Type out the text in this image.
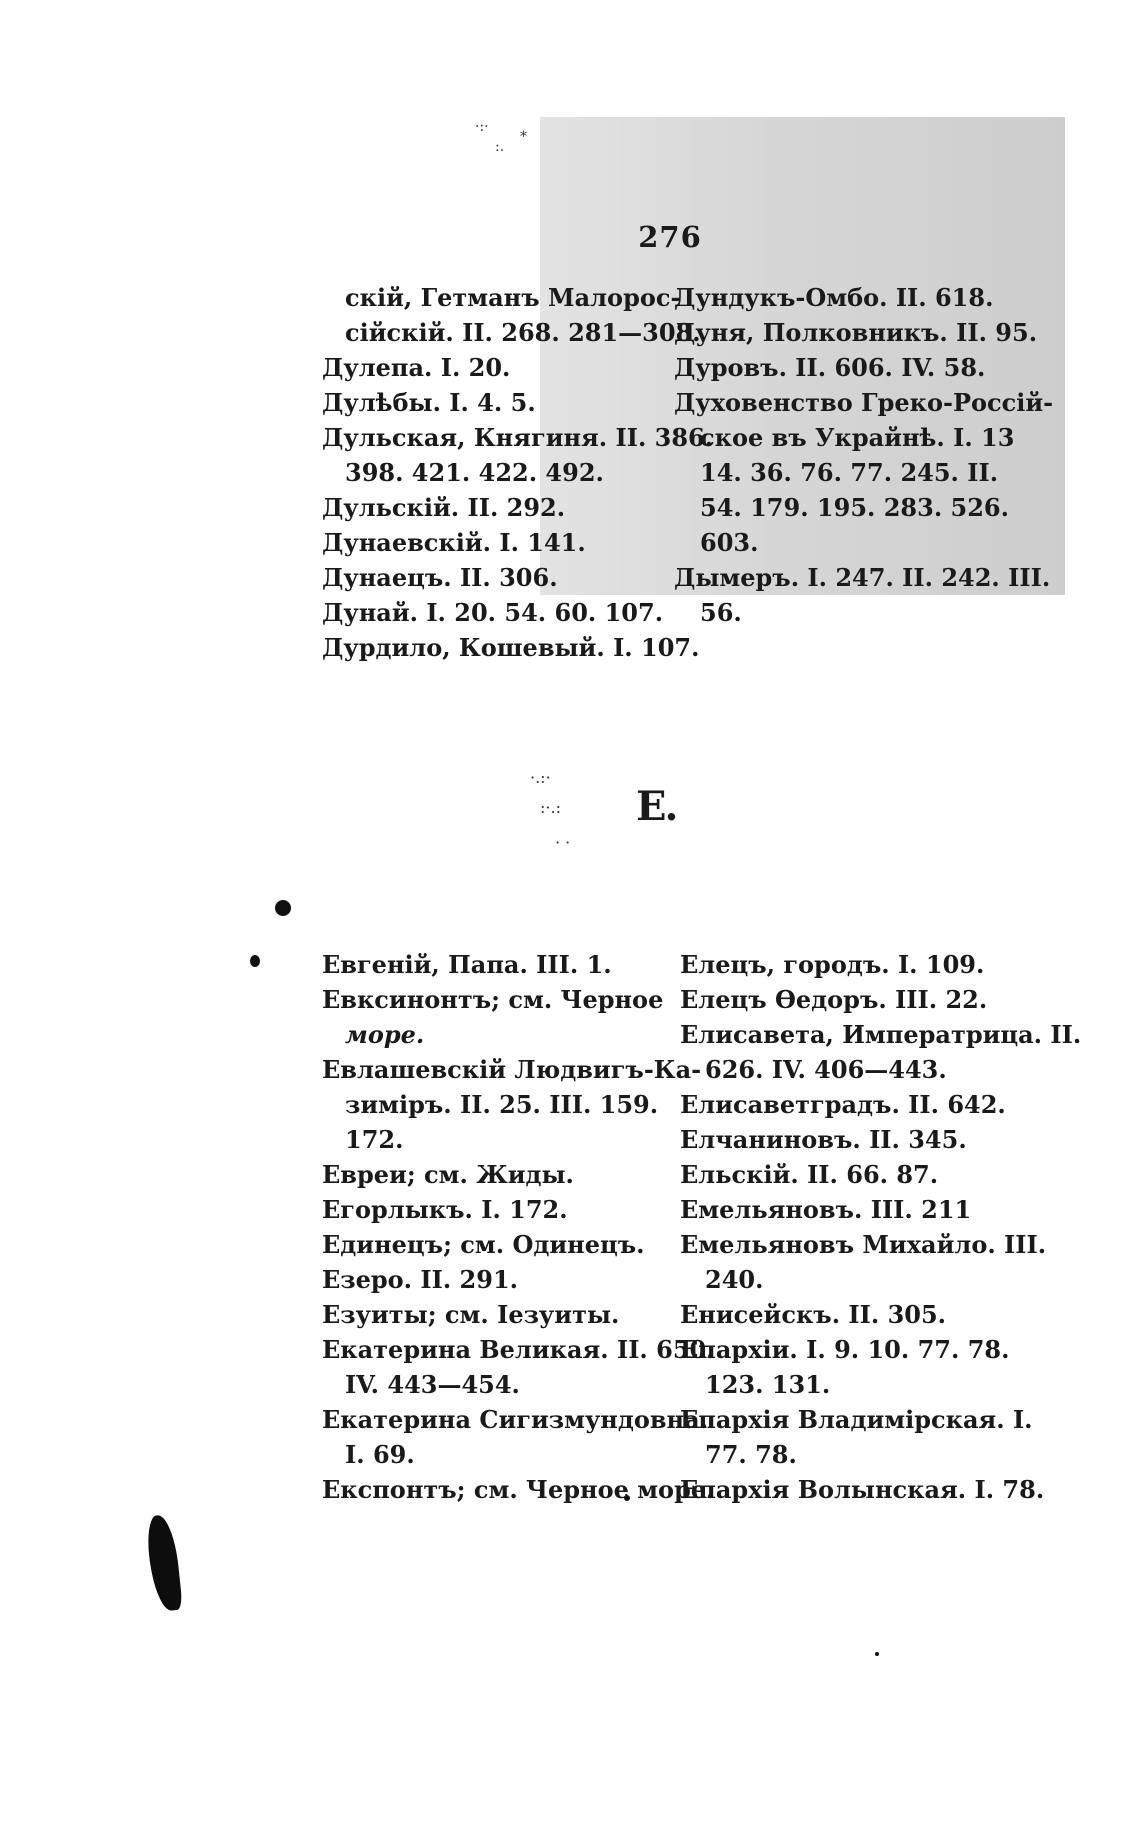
·:·
:.
*
276
скій, Гетманъ Малорос-
сійскій. II. 268. 281—308.
Дулепа. I. 20.
Дулѣбы. I. 4. 5.
Дульская, Княгиня. II. 386.
398. 421. 422. 492.
Дульскій. II. 292.
Дунаевскій. I. 141.
Дунаецъ. II. 306.
Дунай. I. 20. 54. 60. 107.
Дурдило, Кошевый. I. 107.
Дундукъ-Омбо. II. 618.
Дуня, Полковникъ. II. 95.
Дуровъ. II. 606. IV. 58.
Духовенство Греко-Россій-
ское въ Украйнѣ. I. 13
14. 36. 76. 77. 245. II.
54. 179. 195. 283. 526.
603.
Дымеръ. I. 247. II. 242. III.
56.
·.:·
:·.:
· ·
Е.
Евгеній, Папа. III. 1.
Евксинонтъ; см. Черное
море.
Евлашевскій Людвигъ-Ка-
зиміръ. II. 25. III. 159.
172.
Евреи; см. Жиды.
Егорлыкъ. I. 172.
Единецъ; см. Одинецъ.
Езеро. II. 291.
Езуиты; см. Iезуиты.
Екатерина Великая. II. 650.
IV. 443—454.
Екатерина Сигизмундовна.
I. 69.
Експонтъ; см. Черное море.
Елецъ, городъ. I. 109.
Елецъ Ѳедоръ. III. 22.
Елисавета, Императрица. II.
626. IV. 406—443.
Елисаветградъ. II. 642.
Елчаниновъ. II. 345.
Ельскій. II. 66. 87.
Емельяновъ. III. 211
Емельяновъ Михайло. III.
240.
Енисейскъ. II. 305.
Епархіи. I. 9. 10. 77. 78.
123. 131.
Епархія Владимірская. I.
77. 78.
Епархія Волынская. I. 78.
